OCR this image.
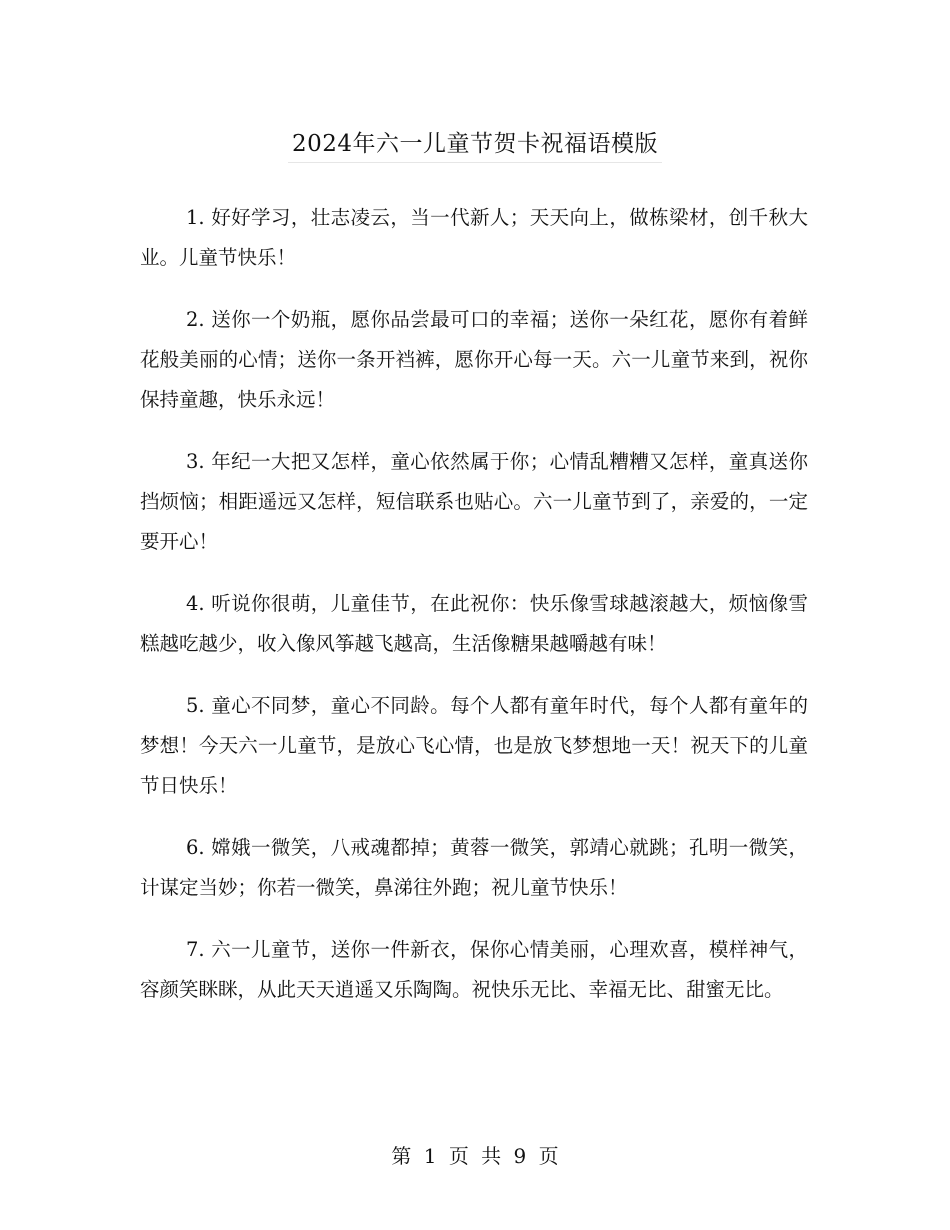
2024年六一儿童节贺卡祝福语模版

1. 好好学习，壮志凌云，当一代新人；天天向上，做栋梁材，创千秋大业。儿童节快乐！

2. 送你一个奶瓶，愿你品尝最可口的幸福；送你一朵红花，愿你有着鲜花般美丽的心情；送你一条开裆裤，愿你开心每一天。六一儿童节来到，祝你保持童趣，快乐永远！

3. 年纪一大把又怎样，童心依然属于你；心情乱糟糟又怎样，童真送你挡烦恼；相距遥远又怎样，短信联系也贴心。六一儿童节到了，亲爱的，一定要开心！

4. 听说你很萌，儿童佳节，在此祝你：快乐像雪球越滚越大，烦恼像雪糕越吃越少，收入像风筝越飞越高，生活像糖果越嚼越有味！

5. 童心不同梦，童心不同龄。每个人都有童年时代，每个人都有童年的梦想！今天六一儿童节，是放心飞心情，也是放飞梦想地一天！祝天下的儿童节日快乐！

6. 嫦娥一微笑，八戒魂都掉；黄蓉一微笑，郭靖心就跳；孔明一微笑，计谋定当妙；你若一微笑，鼻涕往外跑；祝儿童节快乐！

7. 六一儿童节，送你一件新衣，保你心情美丽，心理欢喜，模样神气，容颜笑眯眯，从此天天逍遥又乐陶陶。祝快乐无比、幸福无比、甜蜜无比。

第 1 页 共 9 页
